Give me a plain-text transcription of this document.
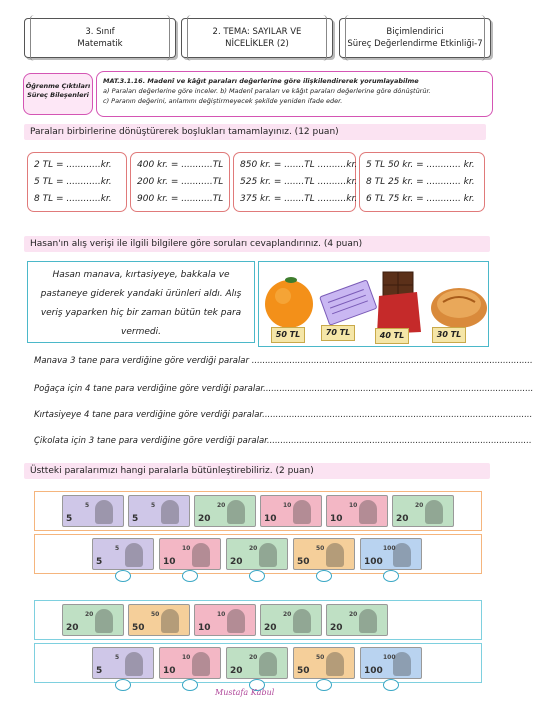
3. Sınıf
Matematik
2. TEMA: SAYILAR VE
NİCELİKLER (2)
Biçimlendirici
Süreç Değerlendirme Etkinliği-7
Öğrenme Çıktıları
Süreç Bileşenleri
MAT.3.1.16. Madenî ve kâğıt paraları değerlerine göre ilişkilendirerek yorumlayabilme
a) Paraları değerlerine göre inceler. b) Madenî paraları ve kâğıt paraları değerlerine göre dönüştürür.
c) Paranın değerini, anlamını değiştirmeyecek şekilde yeniden ifade eder.
Paraları birbirlerine dönüştürerek boşlukları tamamlayınız. (12 puan)
2 TL = ............kr.
5 TL = ............kr.
8 TL = ............kr.
400 kr. = ...........TL
200 kr. = ...........TL
900 kr. = ...........TL
850 kr. = .......TL ..........kr.
525 kr. = .......TL ..........kr.
375 kr. = .......TL ..........kr.
5 TL 50 kr. = ............ kr.
8 TL 25 kr. = ............ kr.
6 TL 75 kr. = ............ kr.
Hasan'ın alış verişi ile ilgili bilgilere göre soruları cevaplandırınız. (4 puan)
Hasan manava, kırtasiyeye, bakkala ve pastaneye giderek yandaki ürünleri aldı. Alış veriş yaparken hiç bir zaman bütün tek para vermedi.	50 TL	70 TL	40 TL	30 TL
Manava 3 tane para verdiğine göre verdiği paralar ........................................................................................................
Poğaça için 4 tane para verdiğine göre verdiği paralar....................................................................................................
Kırtasiyeye 4 tane para verdiğine göre verdiği paralar....................................................................................................
Çikolata için 3 tane para verdiğine göre verdiği paralar..................................................................................................
Üstteki paralarımızı hangi paralarla bütünleştirebiliriz. (2 puan)
5
5
5
5
20
20
10
10
10
10
20
20
5
5
10
10
20
20
50
50
100
100
20
20
50
50
10
10
20
20
20
20
5
5
10
10
20
20
50
50
100
100
Mustafa Kabul
